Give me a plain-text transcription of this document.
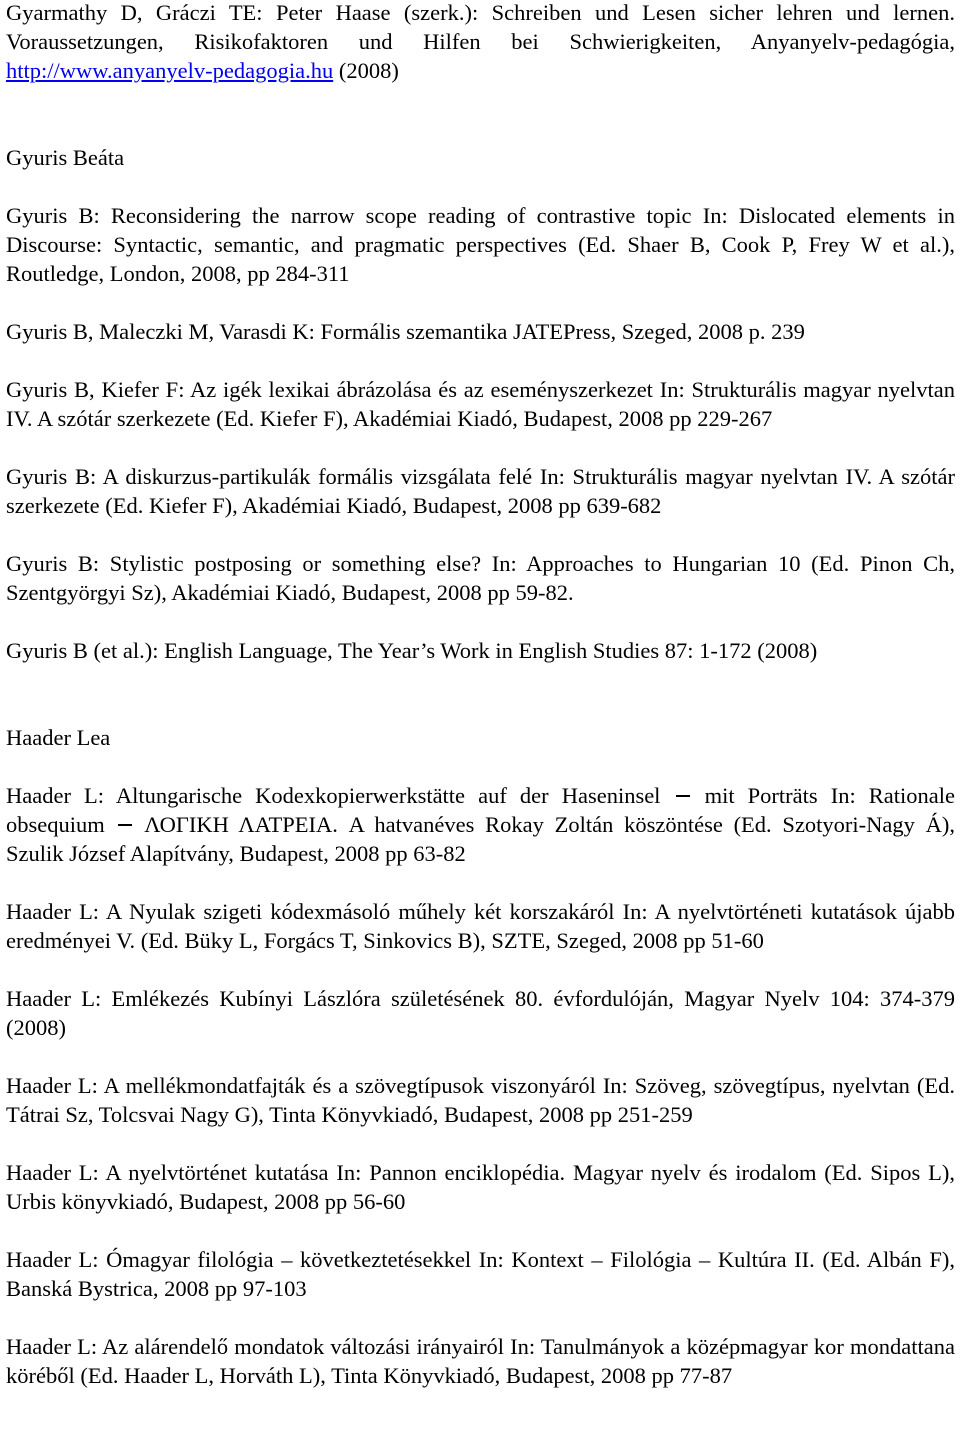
Gyarmathy D, Gráczi TE: Peter Haase (szerk.): Schreiben und Lesen sicher lehren und lernen. Voraussetzungen, Risikofaktoren und Hilfen bei Schwierigkeiten, Anyanyelv-pedagógia, http://www.anyanyelv-pedagogia.hu (2008)

Gyuris Beáta

Gyuris B: Reconsidering the narrow scope reading of contrastive topic In: Dislocated elements in Discourse: Syntactic, semantic, and pragmatic perspectives (Ed. Shaer B, Cook P, Frey W et al.), Routledge, London, 2008, pp 284-311

Gyuris B, Maleczki M, Varasdi K: Formális szemantika JATEPress, Szeged, 2008 p. 239

Gyuris B, Kiefer F: Az igék lexikai ábrázolása és az eseményszerkezet In: Strukturális magyar nyelvtan IV. A szótár szerkezete (Ed. Kiefer F), Akadémiai Kiadó, Budapest, 2008 pp 229-267

Gyuris B: A diskurzus-partikulák formális vizsgálata felé In: Strukturális magyar nyelvtan IV. A szótár szerkezete (Ed. Kiefer F), Akadémiai Kiadó, Budapest, 2008 pp 639-682

Gyuris B: Stylistic postposing or something else? In: Approaches to Hungarian 10 (Ed. Pinon Ch, Szentgyörgyi Sz), Akadémiai Kiadó, Budapest, 2008 pp 59-82.

Gyuris B (et al.): English Language, The Year’s Work in English Studies 87: 1-172 (2008)

Haader Lea

Haader L: Altungarische Kodexkopierwerkstätte auf der Haseninsel mit Porträts In: Rationale obsequium ΛΟΓΙΚΗ ΛΑΤΡΕΙΑ. A hatvanéves Rokay Zoltán köszöntése (Ed. Szotyori-Nagy Á), Szulik József Alapítvány, Budapest, 2008 pp 63-82

Haader L: A Nyulak szigeti kódexmásoló műhely két korszakáról In: A nyelvtörténeti kutatások újabb eredményei V. (Ed. Büky L, Forgács T, Sinkovics B), SZTE, Szeged, 2008 pp 51-60

Haader L: Emlékezés Kubínyi Lászlóra születésének 80. évfordulóján, Magyar Nyelv 104: 374-379 (2008)

Haader L: A mellékmondatfajták és a szövegtípusok viszonyáról In: Szöveg, szövegtípus, nyelvtan (Ed. Tátrai Sz, Tolcsvai Nagy G), Tinta Könyvkiadó, Budapest, 2008 pp 251-259

Haader L: A nyelvtörténet kutatása In: Pannon enciklopédia. Magyar nyelv és irodalom (Ed. Sipos L), Urbis könyvkiadó, Budapest, 2008 pp 56-60

Haader L: Ómagyar filológia – következtetésekkel In: Kontext – Filológia – Kultúra II. (Ed. Albán F), Banská Bystrica, 2008 pp 97-103

Haader L: Az alárendelő mondatok változási irányairól In: Tanulmányok a középmagyar kor mondattana köréből (Ed. Haader L, Horváth L), Tinta Könyvkiadó, Budapest, 2008 pp 77-87
